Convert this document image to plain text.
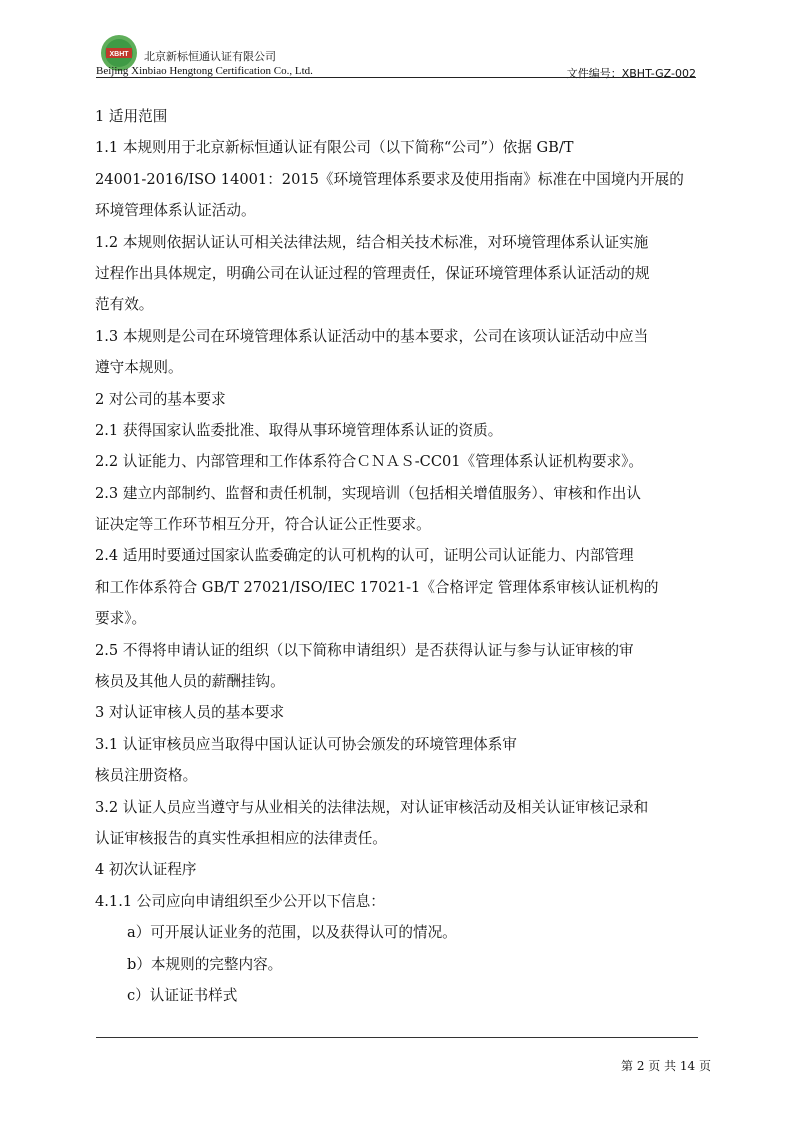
XBHT 北京新标恒通认证有限公司
Beijing Xinbiao Hengtong Certification Co., Ltd.	文件编号：XBHT-GZ-002
1 适用范围
1.1 本规则用于北京新标恒通认证有限公司（以下简称“公司”）依据 GB/T
24001-2016/ISO 14001：2015《环境管理体系要求及使用指南》标准在中国境内开展的
环境管理体系认证活动。
1.2 本规则依据认证认可相关法律法规，结合相关技术标准，对环境管理体系认证实施
过程作出具体规定，明确公司在认证过程的管理责任，保证环境管理体系认证活动的规
范有效。
1.3 本规则是公司在环境管理体系认证活动中的基本要求，公司在该项认证活动中应当
遵守本规则。
2 对公司的基本要求
2.1 获得国家认监委批准、取得从事环境管理体系认证的资质。
2.2 认证能力、内部管理和工作体系符合ＣＮＡＳ-CC01《管理体系认证机构要求》。
2.3 建立内部制约、监督和责任机制，实现培训（包括相关增值服务）、审核和作出认
证决定等工作环节相互分开，符合认证公正性要求。
2.4 适用时要通过国家认监委确定的认可机构的认可，证明公司认证能力、内部管理
和工作体系符合 GB/T 27021/ISO/IEC 17021-1《合格评定 管理体系审核认证机构的
要求》。
2.5 不得将申请认证的组织（以下简称申请组织）是否获得认证与参与认证审核的审
核员及其他人员的薪酬挂钩。
3 对认证审核人员的基本要求
3.1 认证审核员应当取得中国认证认可协会颁发的环境管理体系审
核员注册资格。
3.2 认证人员应当遵守与从业相关的法律法规，对认证审核活动及相关认证审核记录和
认证审核报告的真实性承担相应的法律责任。
4 初次认证程序
4.1.1 公司应向申请组织至少公开以下信息：
a）可开展认证业务的范围，以及获得认可的情况。
b）本规则的完整内容。
c）认证证书样式
第 2 页 共 14 页
